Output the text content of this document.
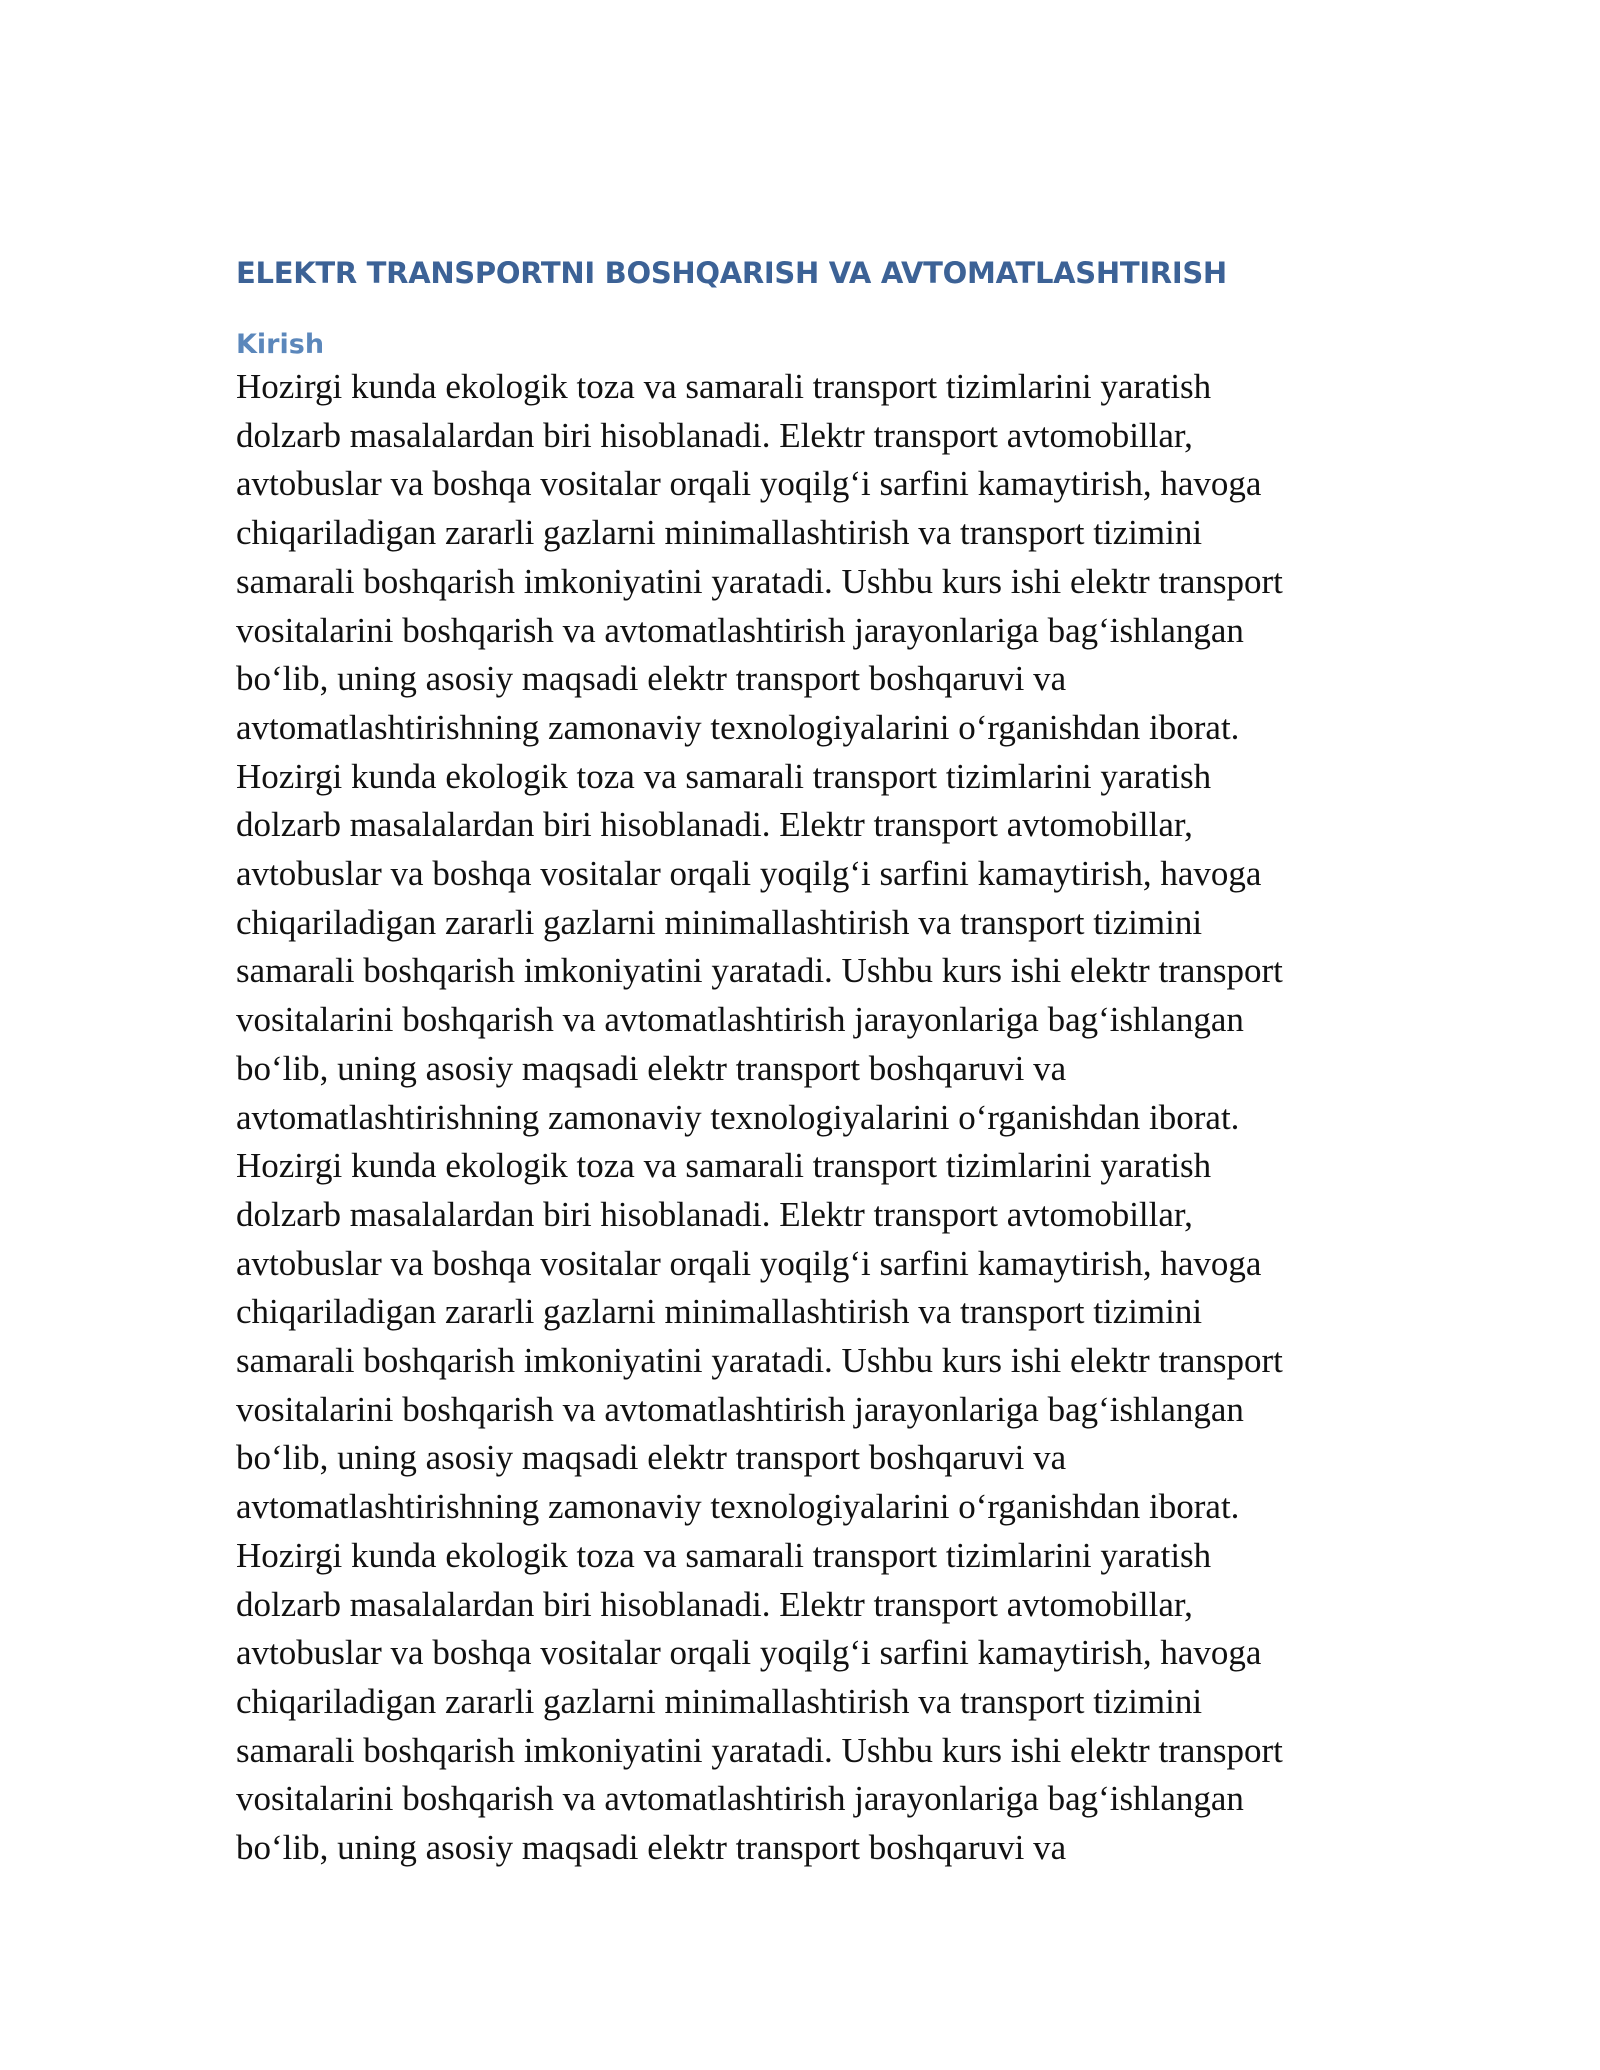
ELEKTR TRANSPORTNI BOSHQARISH VA AVTOMATLASHTIRISH
Kirish

Hozirgi kunda ekologik toza va samarali transport tizimlarini yaratish
dolzarb masalalardan biri hisoblanadi. Elektr transport avtomobillar,
avtobuslar va boshqa vositalar orqali yoqilg‘i sarfini kamaytirish, havoga
chiqariladigan zararli gazlarni minimallashtirish va transport tizimini
samarali boshqarish imkoniyatini yaratadi. Ushbu kurs ishi elektr transport
vositalarini boshqarish va avtomatlashtirish jarayonlariga bag‘ishlangan
bo‘lib, uning asosiy maqsadi elektr transport boshqaruvi va
avtomatlashtirishning zamonaviy texnologiyalarini o‘rganishdan iborat.
Hozirgi kunda ekologik toza va samarali transport tizimlarini yaratish
dolzarb masalalardan biri hisoblanadi. Elektr transport avtomobillar,
avtobuslar va boshqa vositalar orqali yoqilg‘i sarfini kamaytirish, havoga
chiqariladigan zararli gazlarni minimallashtirish va transport tizimini
samarali boshqarish imkoniyatini yaratadi. Ushbu kurs ishi elektr transport
vositalarini boshqarish va avtomatlashtirish jarayonlariga bag‘ishlangan
bo‘lib, uning asosiy maqsadi elektr transport boshqaruvi va
avtomatlashtirishning zamonaviy texnologiyalarini o‘rganishdan iborat.
Hozirgi kunda ekologik toza va samarali transport tizimlarini yaratish
dolzarb masalalardan biri hisoblanadi. Elektr transport avtomobillar,
avtobuslar va boshqa vositalar orqali yoqilg‘i sarfini kamaytirish, havoga
chiqariladigan zararli gazlarni minimallashtirish va transport tizimini
samarali boshqarish imkoniyatini yaratadi. Ushbu kurs ishi elektr transport
vositalarini boshqarish va avtomatlashtirish jarayonlariga bag‘ishlangan
bo‘lib, uning asosiy maqsadi elektr transport boshqaruvi va
avtomatlashtirishning zamonaviy texnologiyalarini o‘rganishdan iborat.
Hozirgi kunda ekologik toza va samarali transport tizimlarini yaratish
dolzarb masalalardan biri hisoblanadi. Elektr transport avtomobillar,
avtobuslar va boshqa vositalar orqali yoqilg‘i sarfini kamaytirish, havoga
chiqariladigan zararli gazlarni minimallashtirish va transport tizimini
samarali boshqarish imkoniyatini yaratadi. Ushbu kurs ishi elektr transport
vositalarini boshqarish va avtomatlashtirish jarayonlariga bag‘ishlangan
bo‘lib, uning asosiy maqsadi elektr transport boshqaruvi va
